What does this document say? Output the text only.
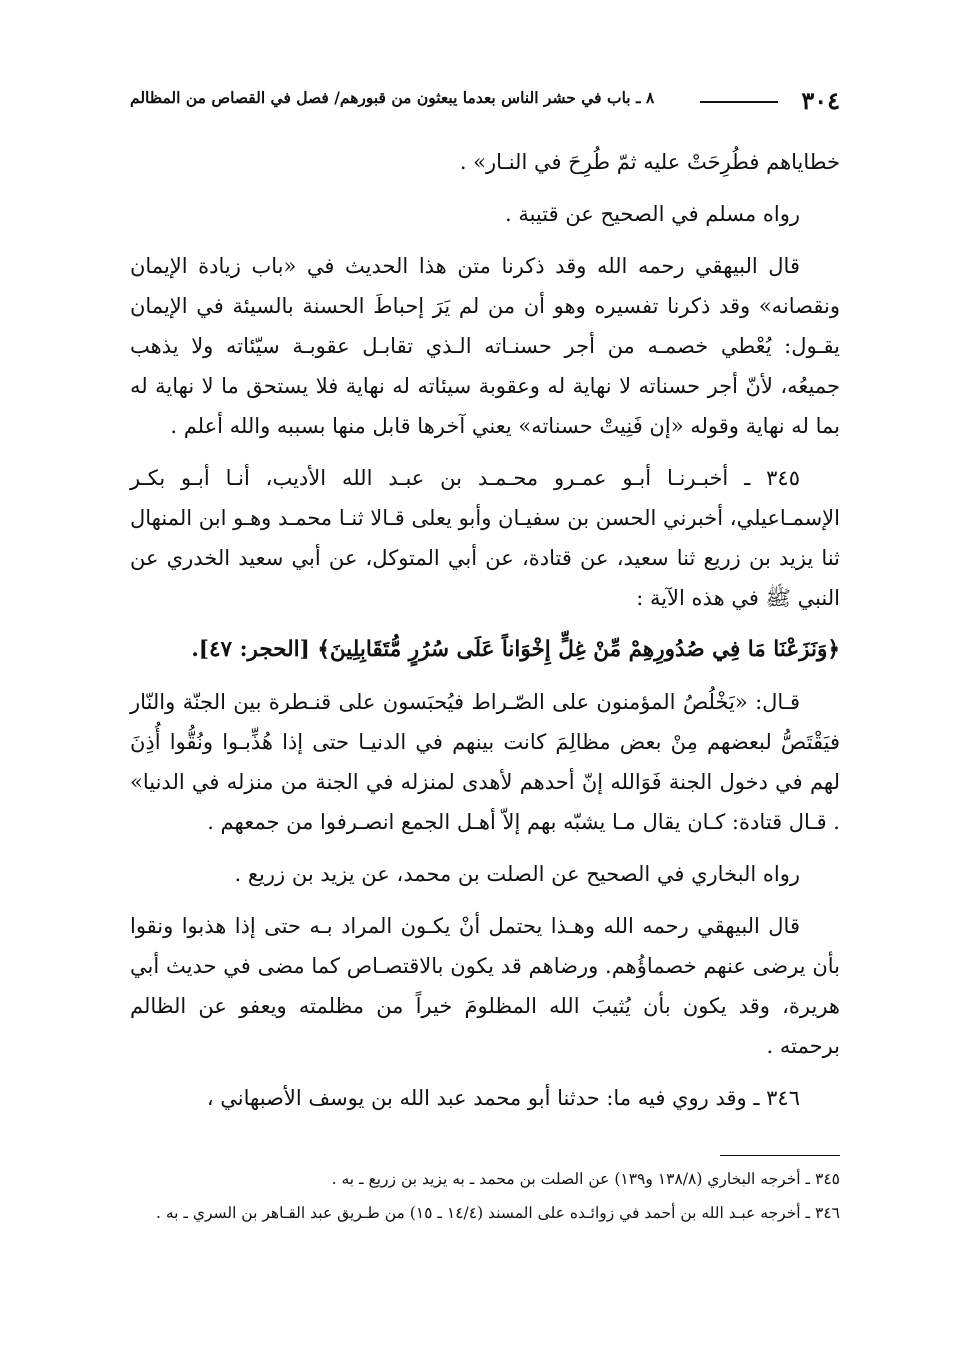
٣٠٤
٨ ـ باب في حشر الناس بعدما يبعثون من قبورهم/ فصل في القصاص من المظالم

خطاياهم فطُرِحَتْ عليه ثمّ طُرِحَ في النـار» .

رواه مسلم في الصحيح عن قتيبة .

قال البيهقي رحمه الله وقد ذكرنا متن هذا الحديث في «باب زيادة الإيمان ونقصانه» وقد ذكرنا تفسيره وهو أن من لم يَرَ إحباطَ الحسنة بالسيئة في الإيمان يقـول: يُعْطي خصمـه من أجر حسنـاته الـذي تقابـل عقوبـة سيّئاته ولا يذهب جميعُه، لأنّ أجر حسناته لا نهاية له وعقوبة سيئاته له نهاية فلا يستحق ما لا نهاية له بما له نهاية وقوله «إن فَنِيتْ حسناته» يعني آخرها قابل منها بسببه والله أعلم .

٣٤٥ ـ أخبـرنـا أبـو عمـرو محـمـد بن عبـد الله الأديب، أنـا أبـو بكـر الإسمـاعيلي، أخبرني الحسن بن سفيـان وأبو يعلى قـالا ثنـا محمـد وهـو ابن المنهال ثنا يزيد بن زريع ثنا سعيد، عن قتادة، عن أبي المتوكل، عن أبي سعيد الخدري عن النبي ﷺ في هذه الآية :

﴿وَنَزَعْنَا مَا فِي صُدُورِهِمْ مِّنْ غِلٍّ إِخْوَاناً عَلَى سُرُرٍ مُّتَقَابِلِينَ﴾ [الحجر: ٤٧].

قـال: «يَخْلُصُ المؤمنون على الصّـراط فيُحبَسون على قنـطرة بين الجنّة والنّار فيَقْتَصُّ لبعضهم مِنْ بعض مظالِمَ كانت بينهم في الدنيـا حتى إذا هُذِّبـوا ونُقُّوا أُذِنَ لهم في دخول الجنة فَوَالله إنّ أحدهم لأهدى لمنزله في الجنة من منزله في الدنيا» . قـال قتادة: كـان يقال مـا يشبّه بهم إلاّ أهـل الجمع انصـرفوا من جمعهم .

رواه البخاري في الصحيح عن الصلت بن محمد، عن يزيد بن زريع .

قال البيهقي رحمه الله وهـذا يحتمل أنْ يكـون المراد بـه حتى إذا هذبوا ونقوا بأن يرضى عنهم خصماؤُهم. ورضاهم قد يكون بالاقتصـاص كما مضى في حديث أبي هريرة، وقد يكون بأن يُثيبَ الله المظلومَ خيراً من مظلمته ويعفو عن الظالم برحمته .

٣٤٦ ـ وقد روي فيه ما: حدثنا أبو محمد عبد الله بن يوسف الأصبهاني ،

٣٤٥ ـ أخرجه البخاري (١٣٨/٨ و١٣٩) عن الصلت بن محمد ـ به يزيد بن زريع ـ به .

٣٤٦ ـ أخرجه عبـد الله بن أحمد في زوائـده على المسند (١٤/٤ ـ ١٥) من طـريق عبد القـاهر بن السري ـ به .
